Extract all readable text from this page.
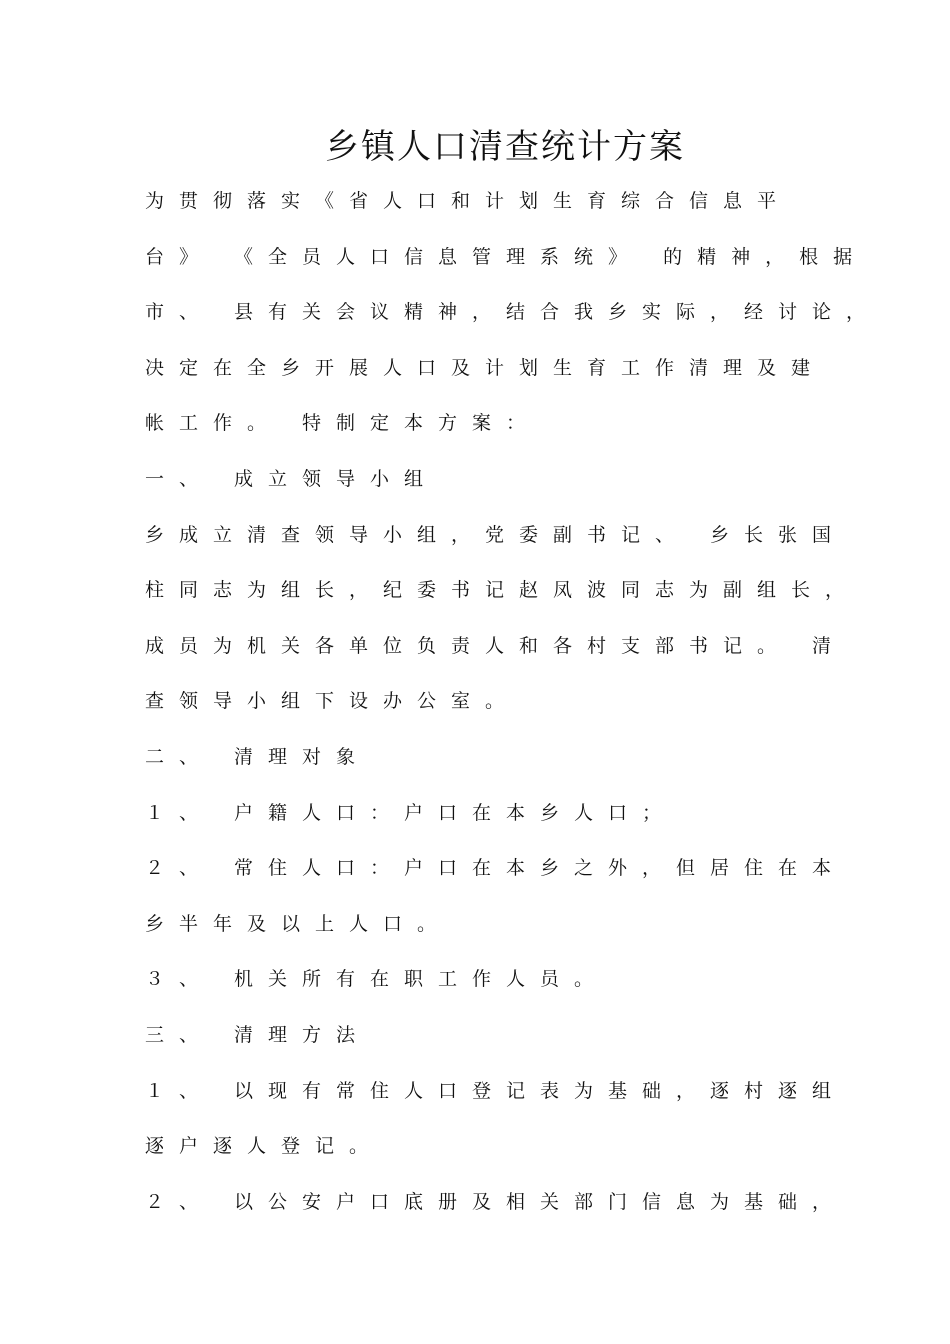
乡镇人口清查统计方案

为贯彻落实《省人口和计划生育综合信息平

台》 《全员人口信息管理系统》 的精神，根据

市、 县有关会议精神，结合我乡实际，经讨论，

决定在全乡开展人口及计划生育工作清理及建

帐工作。 特制定本方案：

一、 成立领导小组

乡成立清查领导小组，党委副书记、 乡长张国

柱同志为组长，纪委书记赵凤波同志为副组长，

成员为机关各单位负责人和各村支部书记。 清

查领导小组下设办公室。

二、 清理对象

１、 户籍人口：户口在本乡人口；

２、 常住人口：户口在本乡之外，但居住在本

乡半年及以上人口。

３、 机关所有在职工作人员。

三、 清理方法

１、 以现有常住人口登记表为基础，逐村逐组

逐户逐人登记。

２、 以公安户口底册及相关部门信息为基础，
